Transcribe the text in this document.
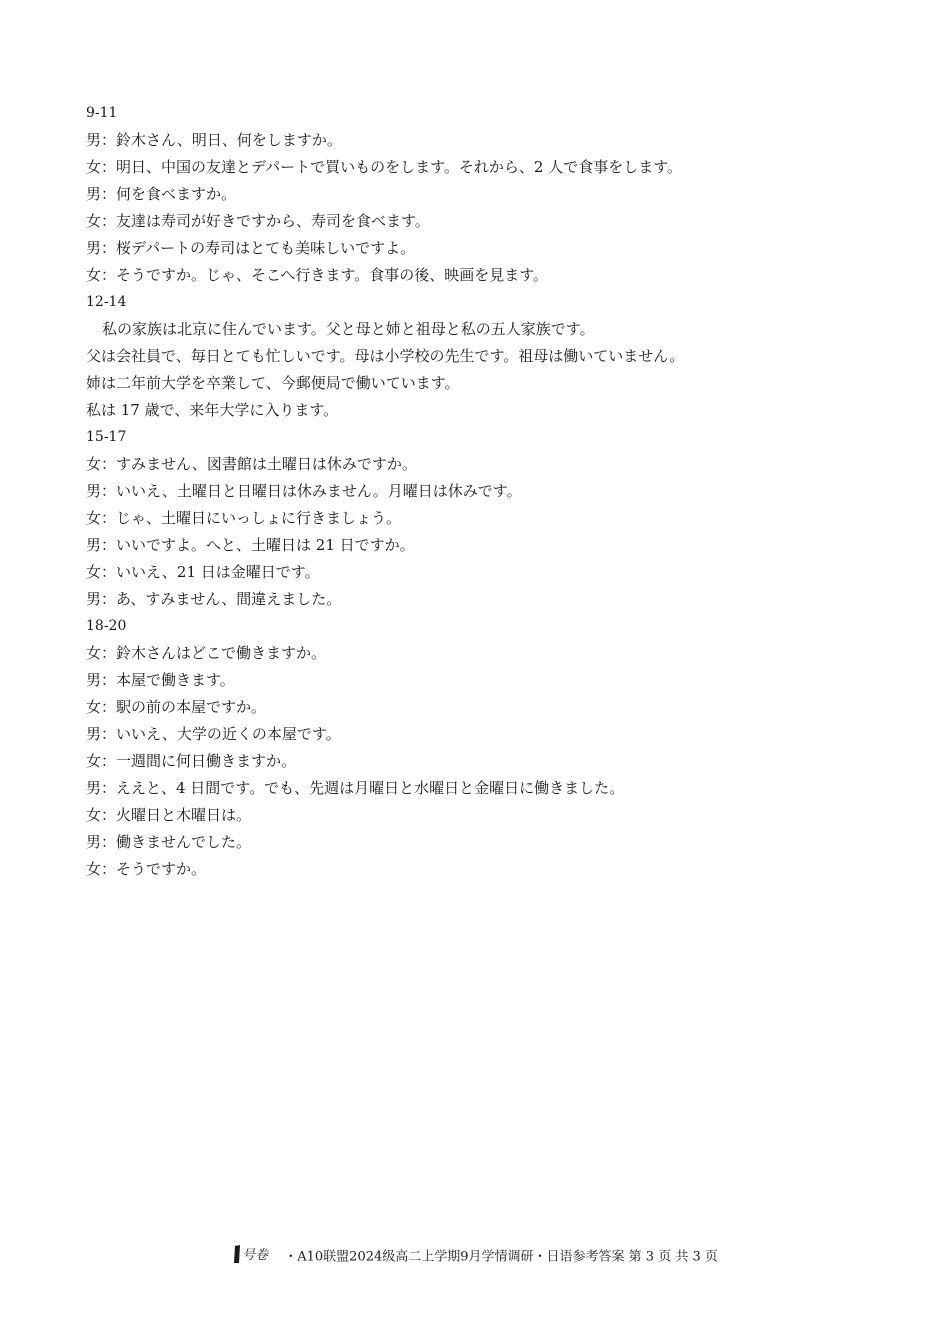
9-11
男：鈴木さん、明日、何をしますか。
女：明日、中国の友達とデパートで買いものをします。それから、2 人で食事をします。
男：何を食べますか。
女：友達は寿司が好きですから、寿司を食べます。
男：桜デパートの寿司はとても美味しいですよ。
女：そうですか。じゃ、そこへ行きます。食事の後、映画を見ます。
12-14
私の家族は北京に住んでいます。父と母と姉と祖母と私の五人家族です。
父は会社員で、毎日とても忙しいです。母は小学校の先生です。祖母は働いていません。
姉は二年前大学を卒業して、今郵便局で働いています。
私は 17 歳で、来年大学に入ります。
15-17
女：すみません、図書館は土曜日は休みですか。
男：いいえ、土曜日と日曜日は休みません。月曜日は休みです。
女：じゃ、土曜日にいっしょに行きましょう。
男：いいですよ。へと、土曜日は 21 日ですか。
女：いいえ、21 日は金曜日です。
男：あ、すみません、間違えました。
18-20
女：鈴木さんはどこで働きますか。
男：本屋で働きます。
女：駅の前の本屋ですか。
男：いいえ、大学の近くの本屋です。
女：一週間に何日働きますか。
男：ええと、4 日間です。でも、先週は月曜日と水曜日と金曜日に働きました。
女：火曜日と木曜日は。
男：働きませんでした。
女：そうですか。
号卷 ・A10联盟2024级高二上学期9月学情调研・日语参考答案 第 3 页 共 3 页
